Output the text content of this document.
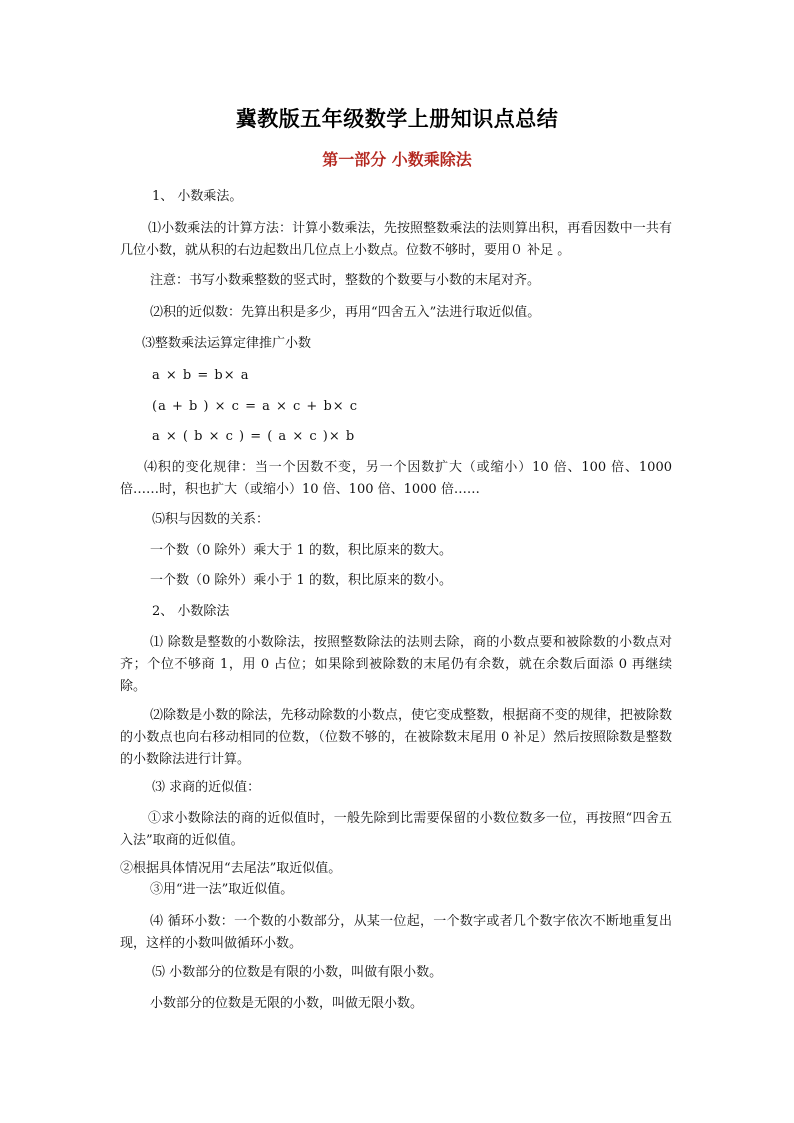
冀教版五年级数学上册知识点总结
第一部分 小数乘除法
1、 小数乘法。
⑴小数乘法的计算方法：计算小数乘法，先按照整数乘法的法则算出积，再看因数中一共有几位小数，就从积的右边起数出几位点上小数点。位数不够时，要用０ 补足 。
注意：书写小数乘整数的竖式时，整数的个数要与小数的末尾对齐。
⑵积的近似数：先算出积是多少，再用“四舍五入”法进行取近似值。
⑶整数乘法运算定律推广小数
a × b = b× a
(a + b ) × c = a × c + b× c
a × ( b × c ) = ( a × c )× b
⑷积的变化规律：当一个因数不变，另一个因数扩大（或缩小）10 倍、100 倍、1000 倍……时，积也扩大（或缩小）10 倍、100 倍、1000 倍……
⑸积与因数的关系：
一个数（0 除外）乘大于 1 的数，积比原来的数大。
一个数（0 除外）乘小于 1 的数，积比原来的数小。
2、 小数除法
⑴ 除数是整数的小数除法，按照整数除法的法则去除，商的小数点要和被除数的小数点对齐；个位不够商 1，用 0 占位；如果除到被除数的末尾仍有余数，就在余数后面添 0 再继续除。
⑵除数是小数的除法，先移动除数的小数点，使它变成整数，根据商不变的规律，把被除数的小数点也向右移动相同的位数，（位数不够的，在被除数末尾用 0 补足）然后按照除数是整数的小数除法进行计算。
⑶ 求商的近似值：
①求小数除法的商的近似值时，一般先除到比需要保留的小数位数多一位，再按照“四舍五入法”取商的近似值。
②根据具体情况用“去尾法”取近似值。
③用“进一法”取近似值。
⑷ 循环小数：一个数的小数部分，从某一位起，一个数字或者几个数字依次不断地重复出现，这样的小数叫做循环小数。
⑸ 小数部分的位数是有限的小数，叫做有限小数。
小数部分的位数是无限的小数，叫做无限小数。
